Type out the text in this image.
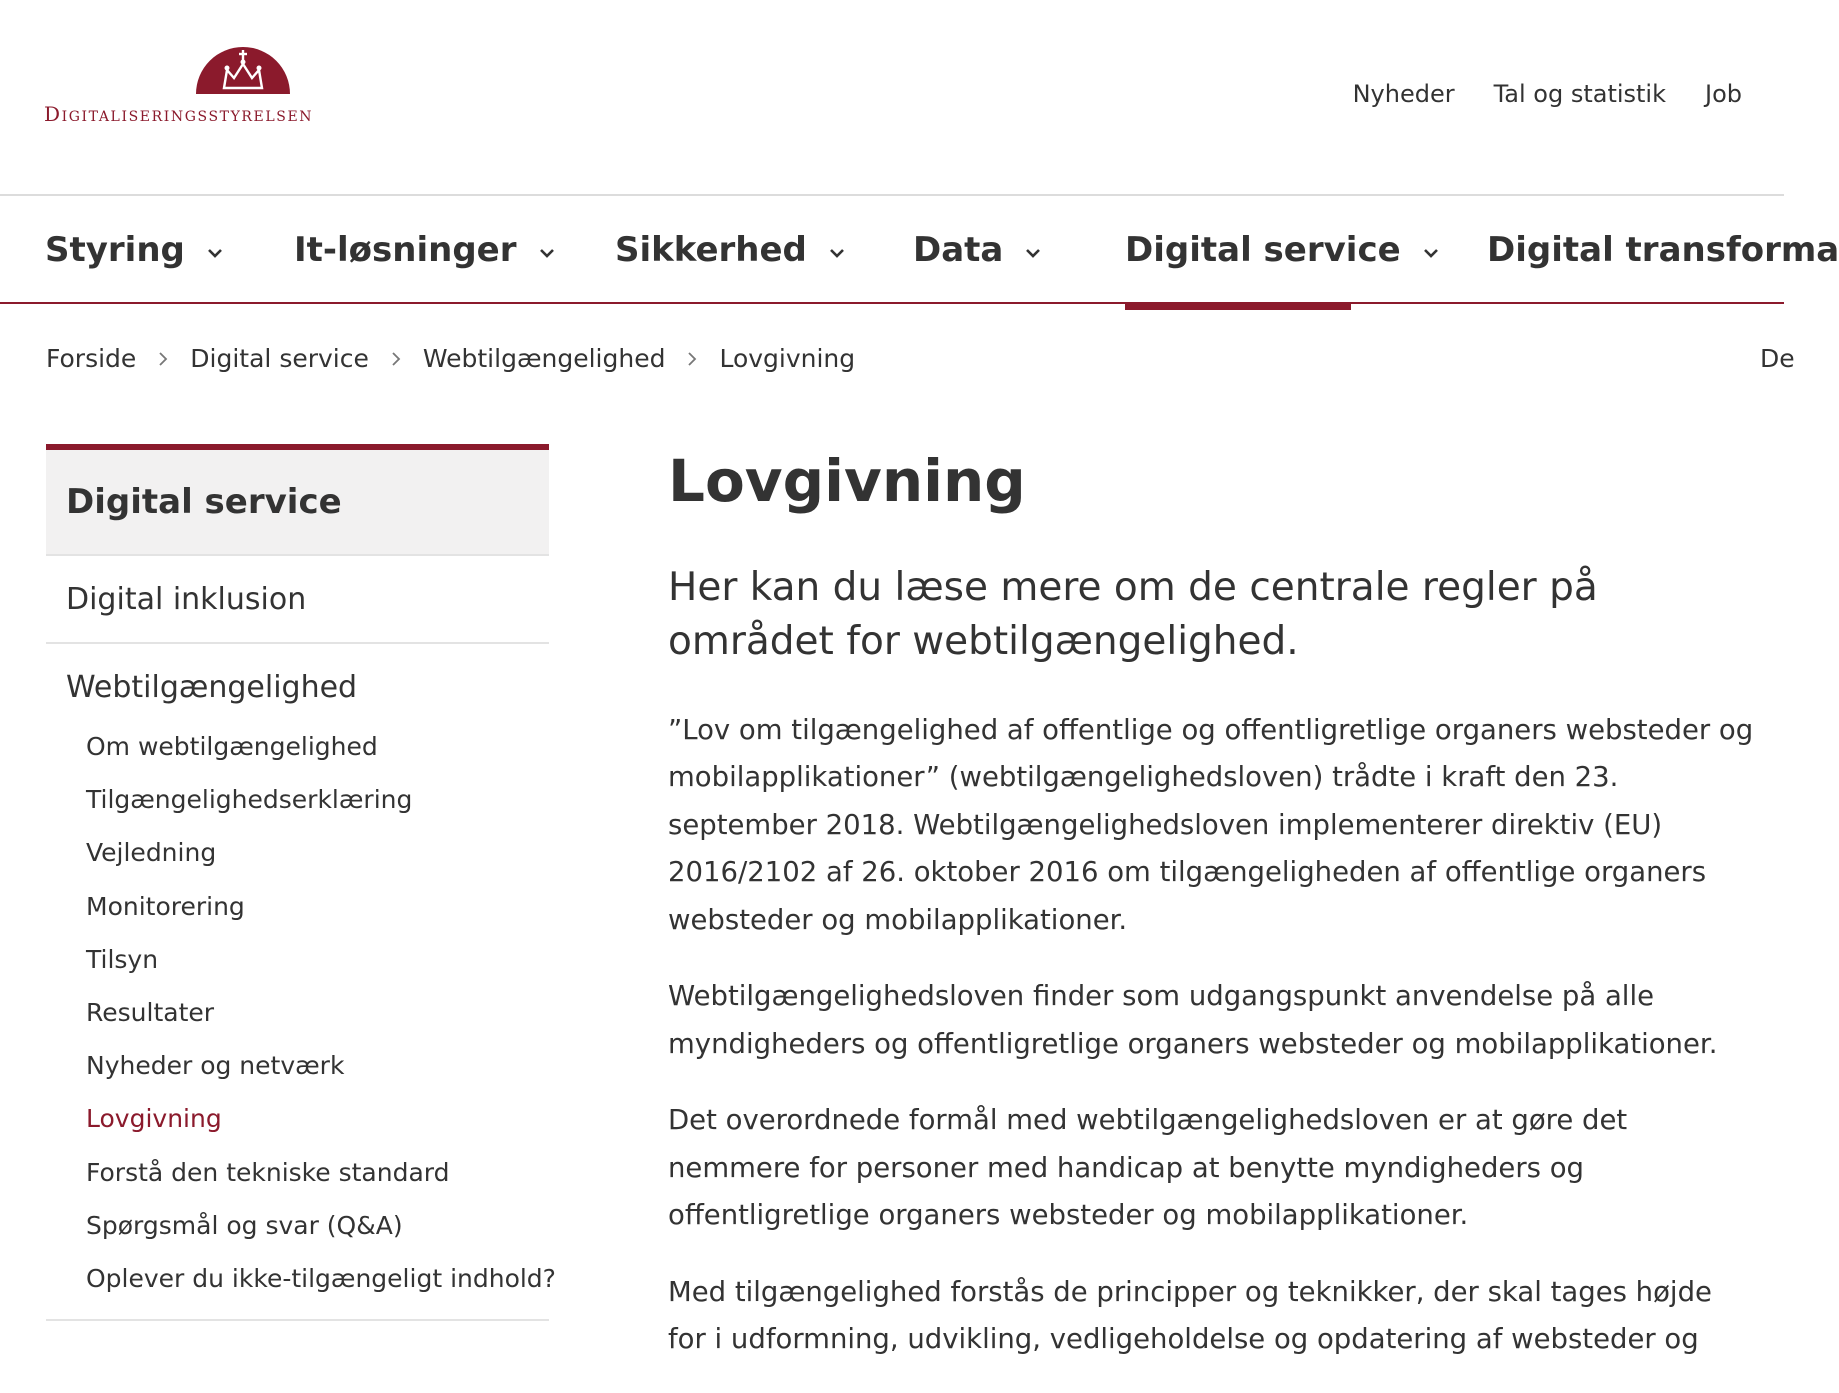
Digitaliseringsstyrelsen
Nyheder Tal og statistik Job
Styring	It-løsninger	Sikkerhed	Data	Digital service	Digital transforma
Forside Digital service Webtilgængelighed Lovgivning	De
Digital service
Digital inklusion
Webtilgængelighed
Om webtilgængelighed
Tilgængelighedserklæring
Vejledning
Monitorering
Tilsyn
Resultater
Nyheder og netværk
Lovgivning
Forstå den tekniske standard
Spørgsmål og svar (Q&A)
Oplever du ikke-tilgængeligt indhold?
Lovgivning

Her kan du læse mere om de centrale regler på området for webtilgængelighed.

”Lov om tilgængelighed af offentlige og offentligretlige organers websteder og mobilapplikationer” (webtilgængelighedsloven) trådte i kraft den 23. september 2018. Webtilgængelighedsloven implementerer direktiv (EU) 2016/2102 af 26. oktober 2016 om tilgængeligheden af offentlige organers websteder og mobilapplikationer.

Webtilgængelighedsloven finder som udgangspunkt anvendelse på alle myndigheders og offentligretlige organers websteder og mobilapplikationer.

Det overordnede formål med webtilgængelighedsloven er at gøre det nemmere for personer med handicap at benytte myndigheders og offentligretlige organers websteder og mobilapplikationer.

Med tilgængelighed forstås de principper og teknikker, der skal tages højde for i udformning, udvikling, vedligeholdelse og opdatering af websteder og
